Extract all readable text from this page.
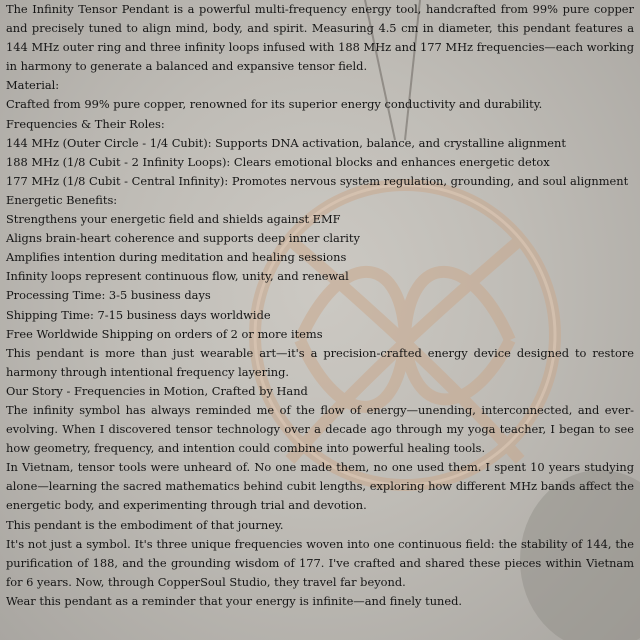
The Infinity Tensor Pendant is a powerful multi-frequency energy tool, handcrafted from 99% pure copper and precisely tuned to align mind, body, and spirit. Measuring 4.5 cm in diameter, this pendant features a 144 MHz outer ring and three infinity loops infused with 188 MHz and 177 MHz frequencies—each working in harmony to generate a balanced and expansive tensor field.

Material:

Crafted from 99% pure copper, renowned for its superior energy conductivity and durability.

Frequencies & Their Roles:

144 MHz (Outer Circle - 1/4 Cubit): Supports DNA activation, balance, and crystalline alignment

188 MHz (1/8 Cubit - 2 Infinity Loops): Clears emotional blocks and enhances energetic detox

177 MHz (1/8 Cubit - Central Infinity): Promotes nervous system regulation, grounding, and soul alignment

Energetic Benefits:

Strengthens your energetic field and shields against EMF

Aligns brain-heart coherence and supports deep inner clarity

Amplifies intention during meditation and healing sessions

Infinity loops represent continuous flow, unity, and renewal

Processing Time: 3-5 business days

Shipping Time: 7-15 business days worldwide

Free Worldwide Shipping on orders of 2 or more items

This pendant is more than just wearable art—it's a precision-crafted energy device designed to restore harmony through intentional frequency layering.

Our Story - Frequencies in Motion, Crafted by Hand

The infinity symbol has always reminded me of the flow of energy—unending, interconnected, and ever-evolving. When I discovered tensor technology over a decade ago through my yoga teacher, I began to see how geometry, frequency, and intention could combine into powerful healing tools.

In Vietnam, tensor tools were unheard of. No one made them, no one used them. I spent 10 years studying alone—learning the sacred mathematics behind cubit lengths, exploring how different MHz bands affect the energetic body, and experimenting through trial and devotion.

This pendant is the embodiment of that journey.

It's not just a symbol. It's three unique frequencies woven into one continuous field: the stability of 144, the purification of 188, and the grounding wisdom of 177. I've crafted and shared these pieces within Vietnam for 6 years. Now, through CopperSoul Studio, they travel far beyond.

Wear this pendant as a reminder that your energy is infinite—and finely tuned.
